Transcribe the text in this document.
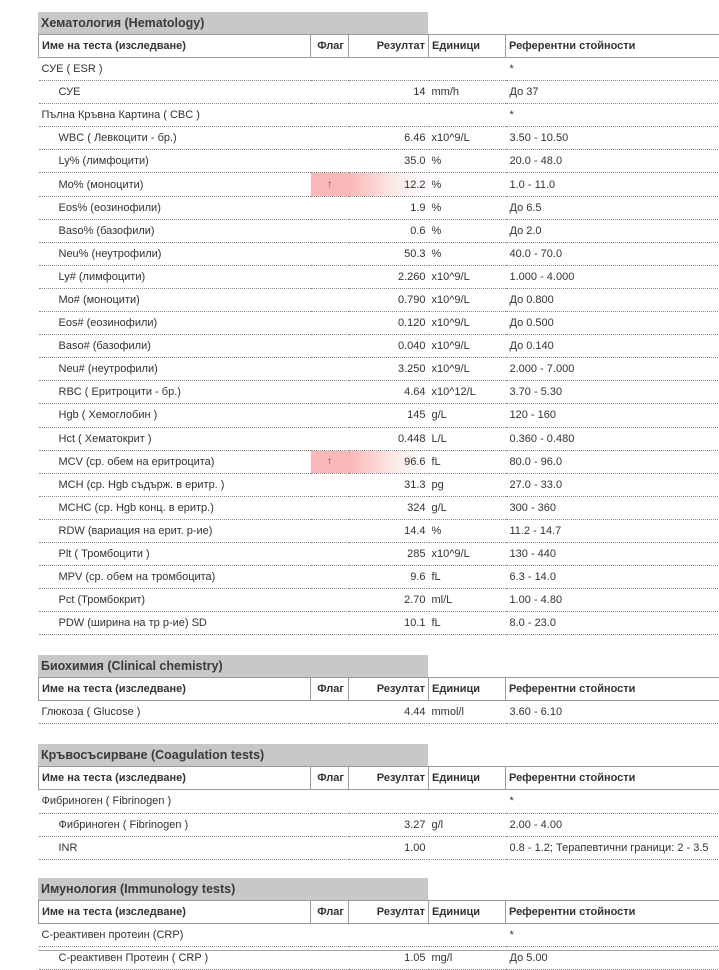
Хематология (Hematology)
Име на теста (изследване)	Флаг	Резултат	Единици	Референтни стойности
СУЕ ( ESR )				*
СУЕ		14	mm/h	До 37
Пълна Кръвна Картина ( CBC )				*
WBC ( Левкоцити - бр.)		6.46	x10^9/L	3.50 - 10.50
Ly% (лимфоцити)		35.0	%	20.0 - 48.0
Mo% (моноцити)	↑	12.2	%	1.0 - 11.0
Eos% (еозинофили)		1.9	%	До 6.5
Baso% (базофили)		0.6	%	До 2.0
Neu% (неутрофили)		50.3	%	40.0 - 70.0
Ly# (лимфоцити)		2.260	x10^9/L	1.000 - 4.000
Mo# (моноцити)		0.790	x10^9/L	До 0.800
Eos# (еозинофили)		0.120	x10^9/L	До 0.500
Baso# (базофили)		0.040	x10^9/L	До 0.140
Neu# (неутрофили)		3.250	x10^9/L	2.000 - 7.000
RBC ( Еритроцити - бр.)		4.64	x10^12/L	3.70 - 5.30
Hgb ( Хемоглобин )		145	g/L	120 - 160
Hct ( Хематокрит )		0.448	L/L	0.360 - 0.480
MCV (ср. обем на еритроцита)	↑	96.6	fL	80.0 - 96.0
MCH (ср. Hgb съдърж. в еритр. )		31.3	pg	27.0 - 33.0
MCHC (ср. Hgb конц. в еритр.)		324	g/L	300 - 360
RDW (вариация на ерит. р-ие)		14.4	%	11.2 - 14.7
Plt ( Тромбоцити )		285	x10^9/L	130 - 440
MPV (ср. обем на тромбоцита)		9.6	fL	6.3 - 14.0
Pct (Тромбокрит)		2.70	ml/L	1.00 - 4.80
PDW (ширина на тр р-ие) SD		10.1	fL	8.0 - 23.0
Биохимия (Clinical chemistry)
Име на теста (изследване)	Флаг	Резултат	Единици	Референтни стойности
Глюкоза ( Glucose )		4.44	mmol/l	3.60 - 6.10
Кръвосъсирване (Coagulation tests)
Име на теста (изследване)	Флаг	Резултат	Единици	Референтни стойности
Фибриноген ( Fibrinogen )				*
Фибриноген ( Fibrinogen )		3.27	g/l	2.00 - 4.00
INR		1.00		0.8 - 1.2; Терапевтични граници: 2 - 3.5
Имунология (Immunology tests)
Име на теста (изследване)	Флаг	Резултат	Единици	Референтни стойности
C-реактивен протеин (CRP)				*
C-реактивен Протеин ( CRP )		1.05	mg/l	До 5.00
